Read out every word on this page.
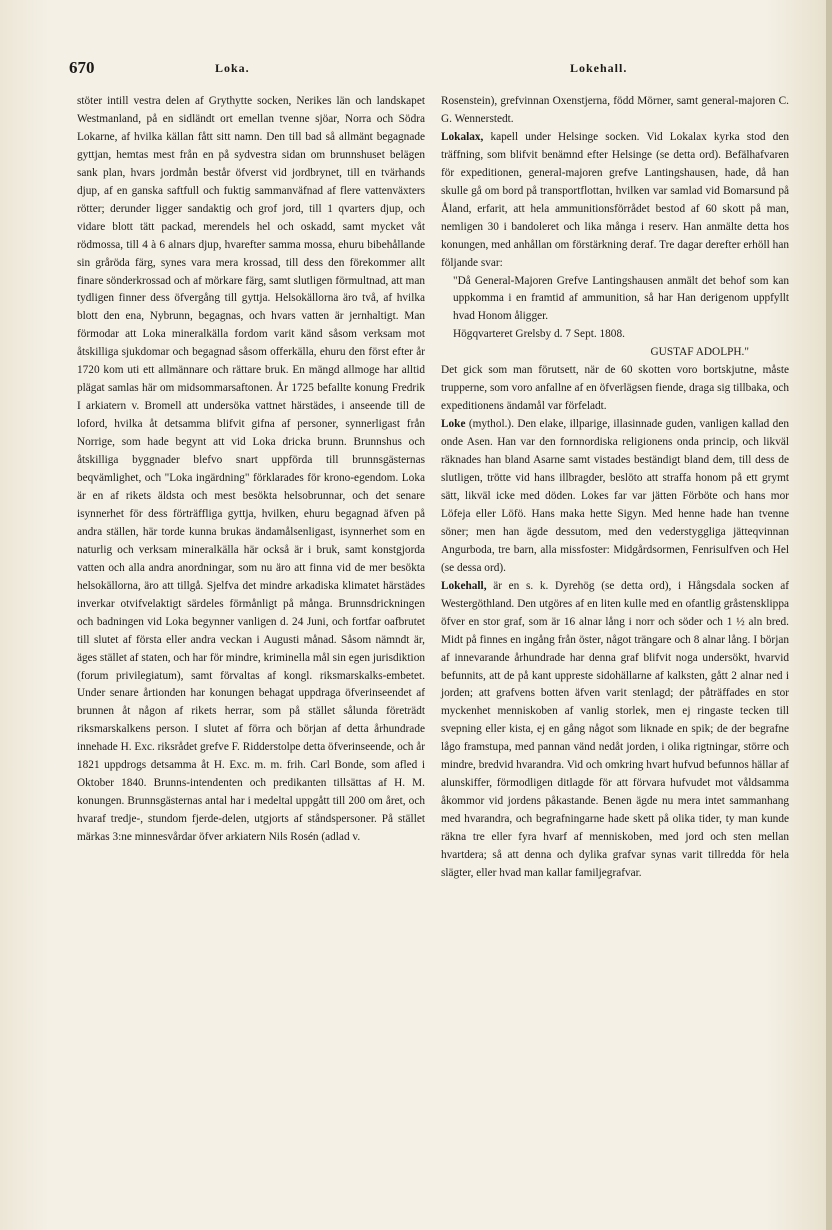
670	Loka.	Lokehall.

stöter intill vestra delen af Grythytte socken, Nerikes län och landskapet Westmanland, på en sidländt ort emellan tvenne sjöar, Norra och Södra Lokarne, af hvilka källan fått sitt namn. Den till bad så allmänt begagnade gyttjan, hemtas mest från en på sydvestra sidan om brunnshuset belägen sank plan, hvars jordmån består öfverst vid jordbrynet, till en tvärhands djup, af en ganska saftfull och fuktig sammanväfnad af flere vattenväxters rötter; derunder ligger sandaktig och grof jord, till 1 qvarters djup, och vidare blott tätt packad, merendels hel och oskadd, samt mycket våt rödmossa, till 4 à 6 alnars djup, hvarefter samma mossa, ehuru bibehållande sin gråröda färg, synes vara mera krossad, till dess den förekommer allt finare sönderkrossad och af mörkare färg, samt slutligen förmultnad, att man tydligen finner dess öfvergång till gyttja. Helsokällorna äro två, af hvilka blott den ena, Nybrunn, begagnas, och hvars vatten är jernhaltigt. Man förmodar att Loka mineralkälla fordom varit känd såsom verksam mot åtskilliga sjukdomar och begagnad såsom offerkälla, ehuru den först efter år 1720 kom uti ett allmännare och rättare bruk. En mängd allmoge har alltid plägat samlas här om midsommarsaftonen. År 1725 befallte konung Fredrik I arkiatern v. Bromell att undersöka vattnet härstädes, i anseende till de loford, hvilka åt detsamma blifvit gifna af personer, synnerligast från Norrige, som hade begynt att vid Loka dricka brunn. Brunnshus och åtskilliga byggnader blefvo snart uppförda till brunnsgästernas beqvämlighet, och "Loka ingärdning" förklarades för krono-egendom. Loka är en af rikets äldsta och mest besökta helsobrunnar, och det senare isynnerhet för dess förträffliga gyttja, hvilken, ehuru begagnad äfven på andra ställen, här torde kunna brukas ändamålsenligast, isynnerhet som en naturlig och verksam mineralkälla här också är i bruk, samt konstgjorda vatten och alla andra anordningar, som nu äro att finna vid de mer besökta helsokällorna, äro att tillgå. Sjelfva det mindre arkadiska klimatet härstädes inverkar otvifvelaktigt särdeles förmånligt på många. Brunnsdrickningen och badningen vid Loka begynner vanligen d. 24 Juni, och fortfar oafbrutet till slutet af första eller andra veckan i Augusti månad. Såsom nämndt är, äges stället af staten, och har för mindre, kriminella mål sin egen jurisdiktion (forum privilegiatum), samt förvaltas af kongl. riksmarskalks-embetet. Under senare årtionden har konungen behagat uppdraga öfverinseendet af brunnen åt någon af rikets herrar, som på stället sålunda företrädt riksmarskalkens person. I slutet af förra och början af detta århundrade innehade H. Exc. riksrådet grefve F. Ridderstolpe detta öfverinseende, och år 1821 uppdrogs detsamma åt H. Exc. m. m. frih. Carl Bonde, som afled i Oktober 1840. Brunns-intendenten och predikanten tillsättas af H. M. konungen. Brunnsgästernas antal har i medeltal uppgått till 200 om året, och hvaraf tredje-, stundom fjerde-delen, utgjorts af ståndspersoner. På stället märkas 3:ne minnesvårdar öfver arkiatern Nils Rosén (adlad v.

Rosenstein), grefvinnan Oxenstjerna, född Mörner, samt general-majoren C. G. Wennerstedt.

Lokalax, kapell under Helsinge socken. Vid Lokalax kyrka stod den träffning, som blifvit benämnd efter Helsinge (se detta ord). Befälhafvaren för expeditionen, general-majoren grefve Lantingshausen, hade, då han skulle gå om bord på transportflottan, hvilken var samlad vid Bomarsund på Åland, erfarit, att hela ammunitionsförrådet bestod af 60 skott på man, nemligen 30 i bandoleret och lika många i reserv. Han anmälte detta hos konungen, med anhållan om förstärkning deraf. Tre dagar derefter erhöll han följande svar:

"Då General-Majoren Grefve Lantingshausen anmält det behof som kan uppkomma i en framtid af ammunition, så har Han derigenom uppfyllt hvad Honom åligger.

Högqvarteret Grelsby d. 7 Sept. 1808.

GUSTAF ADOLPH."

Det gick som man förutsett, när de 60 skotten voro bortskjutne, måste trupperne, som voro anfallne af en öfverlägsen fiende, draga sig tillbaka, och expeditionens ändamål var förfeladt.

Loke (mythol.). Den elake, illparige, illasinnade guden, vanligen kallad den onde Asen. Han var den fornnordiska religionens onda princip, och likväl räknades han bland Asarne samt vistades beständigt bland dem, till dess de slutligen, trötte vid hans illbragder, beslöto att straffa honom på ett grymt sätt, likväl icke med döden. Lokes far var jätten Förböte och hans mor Löfeja eller Löfö. Hans maka hette Sigyn. Med henne hade han tvenne söner; men han ägde dessutom, med den vederstyggliga jätteqvinnan Angurboda, tre barn, alla missfoster: Midgårdsormen, Fenrisulfven och Hel (se dessa ord).

Lokehall, är en s. k. Dyrehög (se detta ord), i Hångsdala socken af Westergöthland. Den utgöres af en liten kulle med en ofantlig gråstensklippa öfver en stor graf, som är 16 alnar lång i norr och söder och 1 ½ aln bred. Midt på finnes en ingång från öster, något trängare och 8 alnar lång. I början af innevarande århundrade har denna graf blifvit noga undersökt, hvarvid befunnits, att de på kant uppreste sidohällarne af kalksten, gått 2 alnar ned i jorden; att grafvens botten äfven varit stenlagd; der påträffades en stor myckenhet menniskoben af vanlig storlek, men ej ringaste tecken till svepning eller kista, ej en gång något som liknade en spik; de der begrafne lågo framstupa, med pannan vänd nedåt jorden, i olika rigtningar, större och mindre, bredvid hvarandra. Vid och omkring hvart hufvud befunnos hällar af alunskiffer, förmodligen ditlagde för att förvara hufvudet mot våldsamma åkommor vid jordens påkastande. Benen ägde nu mera intet sammanhang med hvarandra, och begrafningarne hade skett på olika tider, ty man kunde räkna tre eller fyra hvarf af menniskoben, med jord och sten mellan hvartdera; så att denna och dylika grafvar synas varit tillredda för hela slägter, eller hvad man kallar familjegrafvar.
